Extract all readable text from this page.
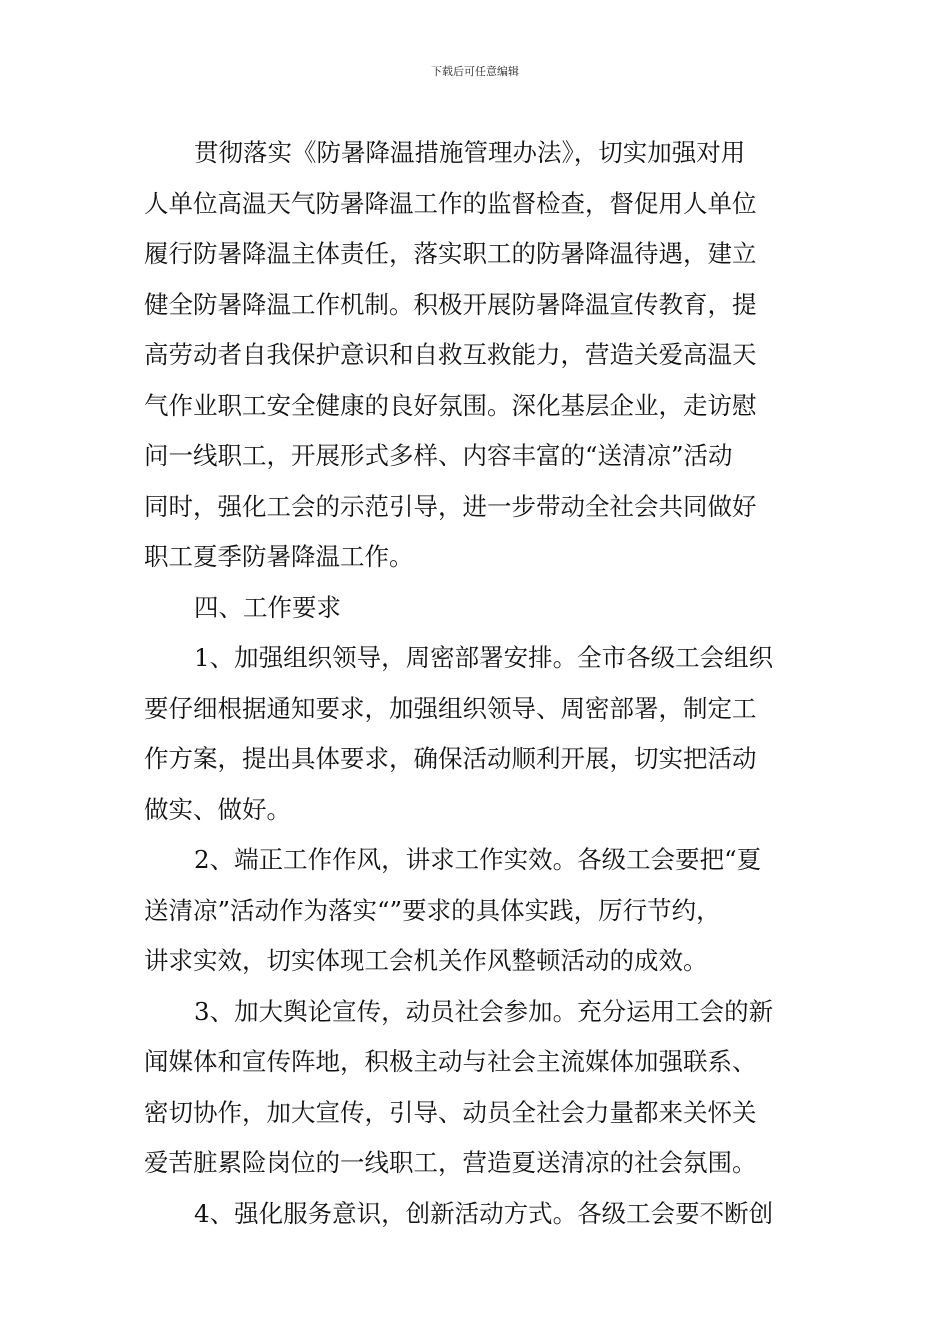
下载后可任意编辑
贯彻落实《防暑降温措施管理办法》，切实加强对用
人单位高温天气防暑降温工作的监督检查，督促用人单位
履行防暑降温主体责任，落实职工的防暑降温待遇，建立
健全防暑降温工作机制。积极开展防暑降温宣传教育，提
高劳动者自我保护意识和自救互救能力，营造关爱高温天
气作业职工安全健康的良好氛围。深化基层企业，走访慰
问一线职工，开展形式多样、内容丰富的“送清凉”活动
同时，强化工会的示范引导，进一步带动全社会共同做好
职工夏季防暑降温工作。
四、工作要求
1、加强组织领导，周密部署安排。全市各级工会组织
要仔细根据通知要求，加强组织领导、周密部署，制定工
作方案，提出具体要求，确保活动顺利开展，切实把活动
做实、做好。
2、端正工作作风，讲求工作实效。各级工会要把“夏
送清凉”活动作为落实“”要求的具体实践，厉行节约，
讲求实效，切实体现工会机关作风整顿活动的成效。
3、加大舆论宣传，动员社会参加。充分运用工会的新
闻媒体和宣传阵地，积极主动与社会主流媒体加强联系、
密切协作，加大宣传，引导、动员全社会力量都来关怀关
爱苦脏累险岗位的一线职工，营造夏送清凉的社会氛围。
4、强化服务意识，创新活动方式。各级工会要不断创
